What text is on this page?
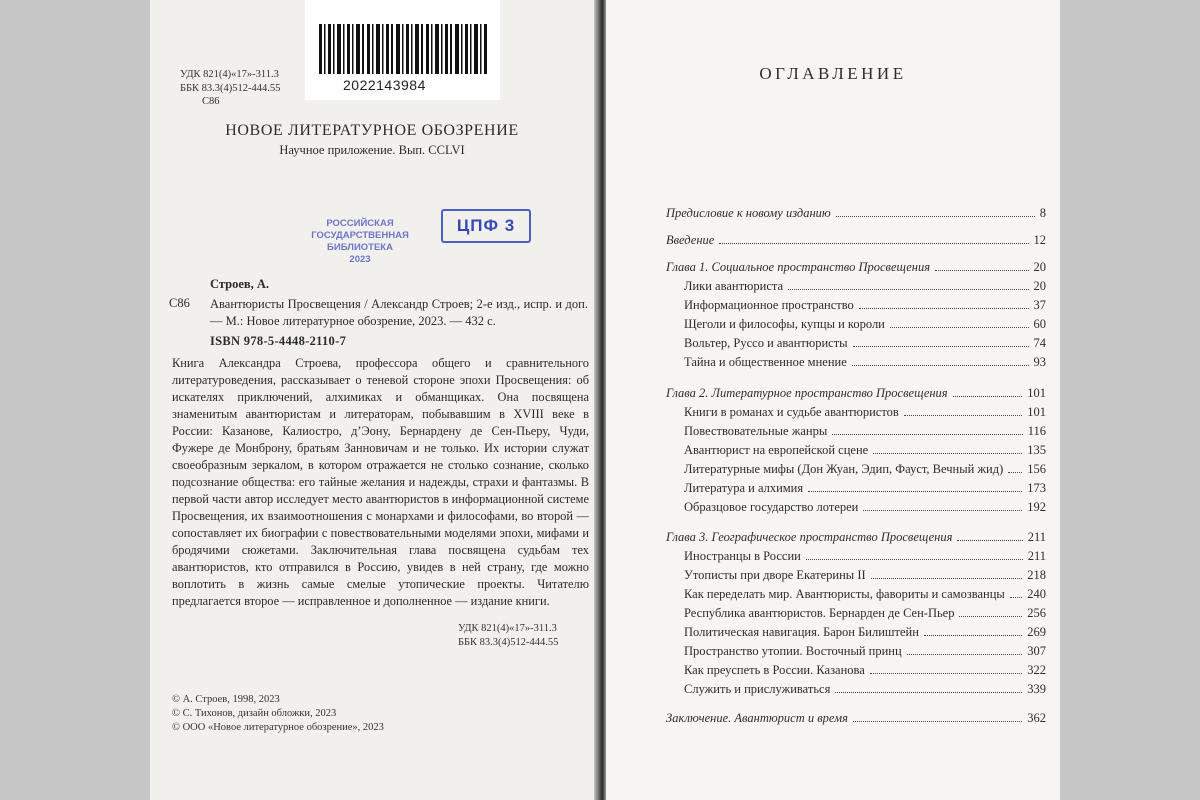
2022143984
УДК 821(4)«17»-311.3
ББК 83.3(4)512-444.55
С86
НОВОЕ ЛИТЕРАТУРНОЕ ОБОЗРЕНИЕ
Научное приложение. Вып. CCLVI
РОССИЙСКАЯ
ГОСУДАРСТВЕННАЯ
БИБЛИОТЕКА
2023
ЦПФ 3
Строев, А.
С86 Авантюристы Просвещения / Александр Строев; 2-е изд., испр. и доп. — М.: Новое литературное обозрение, 2023. — 432 с.
ISBN 978-5-4448-2110-7
Книга Александра Строева, профессора общего и сравнительного литературоведения, рассказывает о теневой стороне эпохи Просвещения: об искателях приключений, алхимиках и обманщиках. Она посвящена знаменитым авантюристам и литераторам, побывавшим в XVIII веке в России: Казанове, Калиостро, д’Эону, Бернардену де Сен-Пьеру, Чуди, Фужере де Монброну, братьям Занновичам и не только. Их истории служат своеобразным зеркалом, в котором отражается не столько сознание, сколько подсознание общества: его тайные желания и надежды, страхи и фантазмы. В первой части автор исследует место авантюристов в информационной системе Просвещения, их взаимоотношения с монархами и философами, во второй — сопоставляет их биографии с повествовательными моделями эпохи, мифами и бродячими сюжетами. Заключительная глава посвящена судьбам тех авантюристов, кто отправился в Россию, увидев в ней страну, где можно воплотить в жизнь самые смелые утопические проекты. Читателю предлагается второе — исправленное и дополненное — издание книги.
УДК 821(4)«17»-311.3
ББК 83.3(4)512-444.55
© А. Строев, 1998, 2023
© С. Тихонов, дизайн обложки, 2023
© ООО «Новое литературное обозрение», 2023
ОГЛАВЛЕНИЕ
Предисловие к новому изданию	8
Введение	12
Глава 1. Социальное пространство Просвещения	20
Лики авантюриста	20
Информационное пространство	37
Щеголи и философы, купцы и короли	60
Вольтер, Руссо и авантюристы	74
Тайна и общественное мнение	93
Глава 2. Литературное пространство Просвещения	101
Книги в романах и судьбе авантюристов	101
Повествовательные жанры	116
Авантюрист на европейской сцене	135
Литературные мифы (Дон Жуан, Эдип, Фауст, Вечный жид) 156
Литература и алхимия	173
Образцовое государство лотереи	192
Глава 3. Географическое пространство Просвещения	211
Иностранцы в России	211
Утописты при дворе Екатерины II	218
Как переделать мир. Авантюристы, фавориты и самозванцы 240
Республика авантюристов. Бернарден де Сен-Пьер	256
Политическая навигация. Барон Билиштейн	269
Пространство утопии. Восточный принц	307
Как преуспеть в России. Казанова	322
Служить и прислуживаться	339
Заключение. Авантюрист и время	362
